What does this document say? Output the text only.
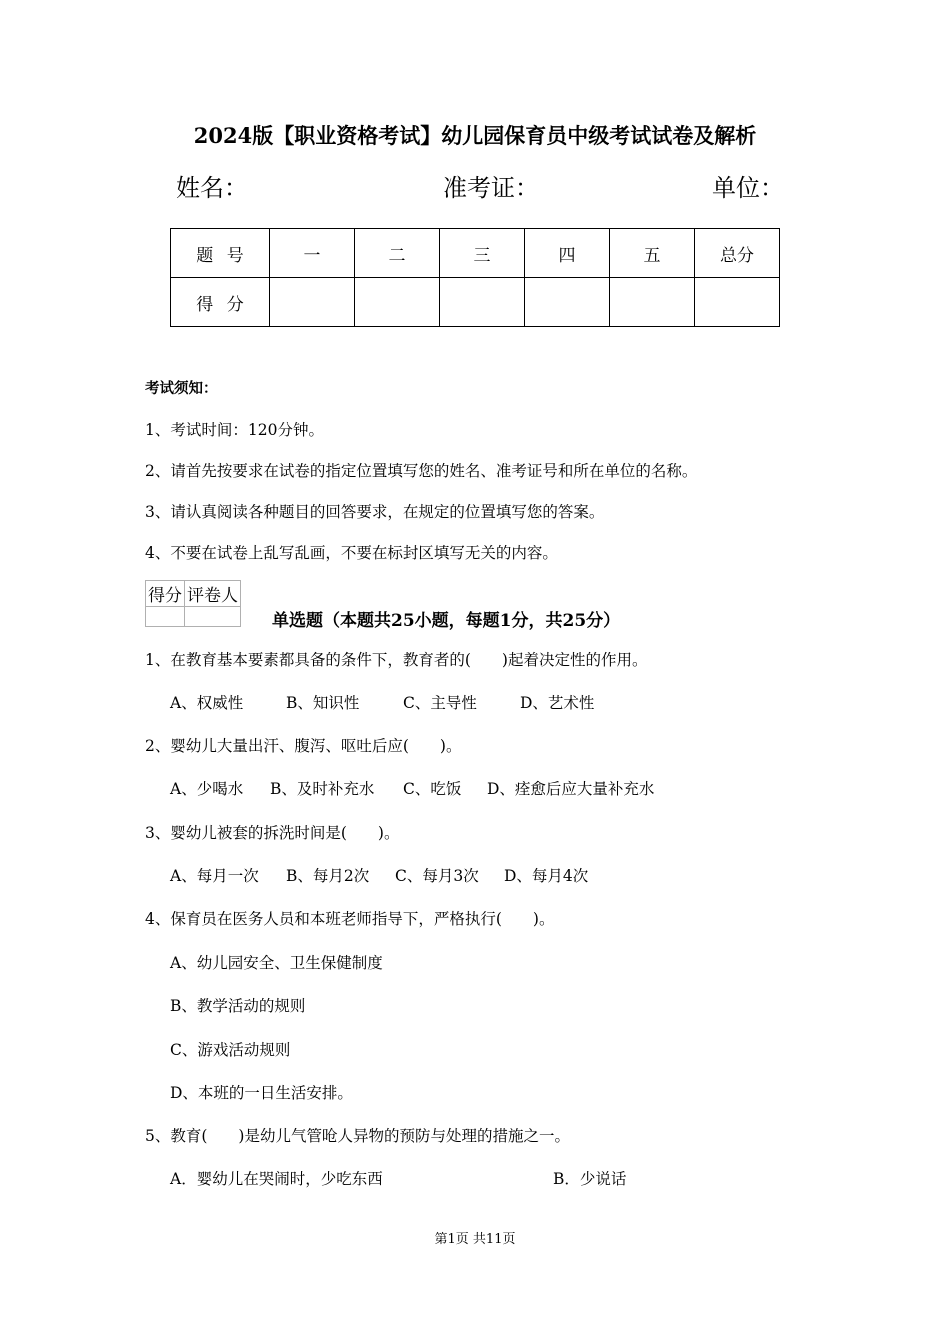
2024版【职业资格考试】幼儿园保育员中级考试试卷及解析
姓名：	准考证：	单位：
题号	一	二	三	四	五	总分
得分						
考试须知：
1、考试时间：120分钟。
2、请首先按要求在试卷的指定位置填写您的姓名、准考证号和所在单位的名称。
3、请认真阅读各种题目的回答要求，在规定的位置填写您的答案。
4、不要在试卷上乱写乱画，不要在标封区填写无关的内容。
得分	评卷人

单选题（本题共25小题，每题1分，共25分）
1、在教育基本要素都具备的条件下，教育者的(　　)起着决定性的作用。
A、权威性	B、知识性	C、主导性	D、艺术性
2、婴幼儿大量出汗、腹泻、呕吐后应(　　)。
A、少喝水 B、及时补充水 C、吃饭 D、痊愈后应大量补充水
3、婴幼儿被套的拆洗时间是(　　)。
A、每月一次 B、每月2次 C、每月3次 D、每月4次
4、保育员在医务人员和本班老师指导下，严格执行(　　)。
A、幼儿园安全、卫生保健制度
B、教学活动的规则
C、游戏活动规则
D、本班的一日生活安排。
5、教育(　　)是幼儿气管呛人异物的预防与处理的措施之一。
A．婴幼儿在哭闹时，少吃东西	B．少说话
第1页 共11页
